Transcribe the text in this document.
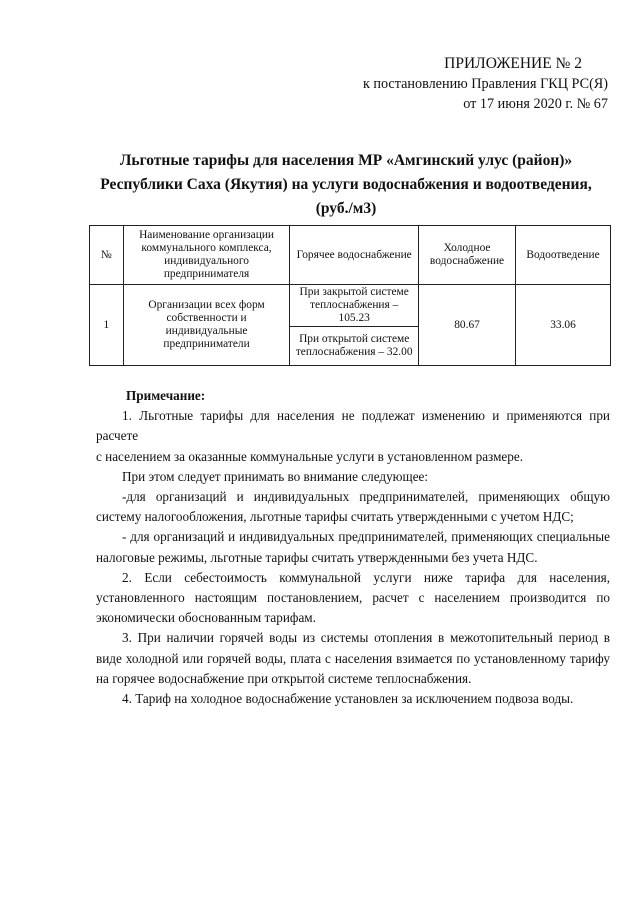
ПРИЛОЖЕНИЕ № 2
к постановлению Правления ГКЦ РС(Я)
от 17 июня 2020 г. № 67
Льготные тарифы для населения МР «Амгинский улус (район)»
Республики Саха (Якутия) на услуги водоснабжения и водоотведения,
(руб./м3)
№	Наименование организации коммунального комплекса, индивидуального предпринимателя	Горячее водоснабжение	Холодное водоснабжение	Водоотведение
1	Организации всех форм собственности и индивидуальные предприниматели	При закрытой системе теплоснабжения – 105.23	80.67	33.06
		При открытой системе теплоснабжения – 32.00		

Примечание:

1. Льготные тарифы для населения не подлежат изменению и применяются при расчете

с населением за оказанные коммунальные услуги в установленном размере.

При этом следует принимать во внимание следующее:

-для организаций и индивидуальных предпринимателей, применяющих общую систему налогообложения, льготные тарифы считать утвержденными с учетом НДС;

- для организаций и индивидуальных предпринимателей, применяющих специальные налоговые режимы, льготные тарифы считать утвержденными без учета НДС.

2. Если себестоимость коммунальной услуги ниже тарифа для населения, установленного настоящим постановлением, расчет с населением производится по экономически обоснованным тарифам.

3. При наличии горячей воды из системы отопления в межотопительный период в виде холодной или горячей воды, плата с населения взимается по установленному тарифу на горячее водоснабжение при открытой системе теплоснабжения.

4. Тариф на холодное водоснабжение установлен за исключением подвоза воды.
